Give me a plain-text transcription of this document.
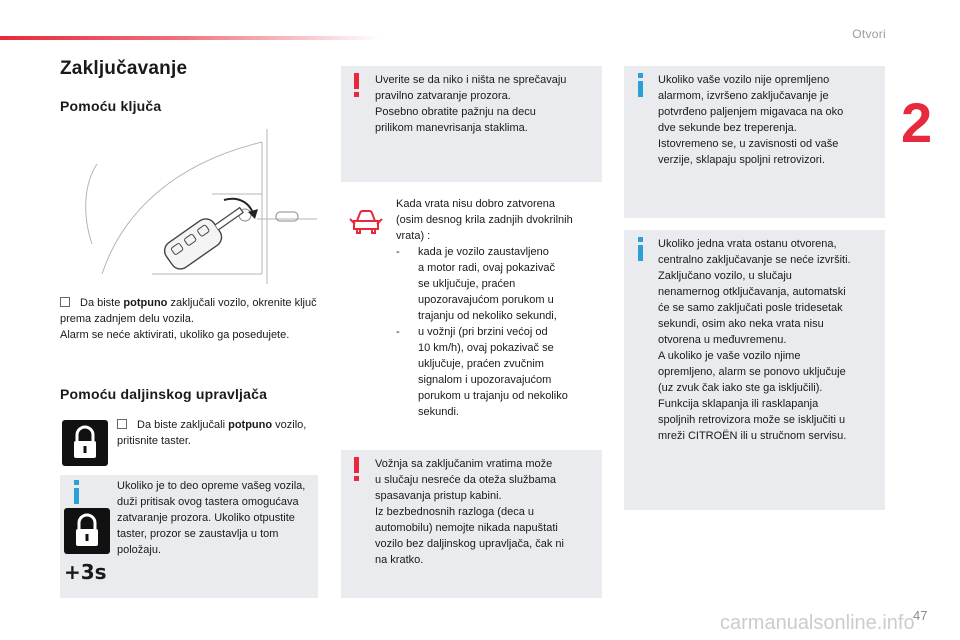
Otvori
2
Zaključavanje
Pomoću ključa
Da biste potpuno zaključali vozilo, okrenite ključ prema zadnjem delu vozila.
Alarm se neće aktivirati, ukoliko ga posedujete.
Pomoću daljinskog upravljača
Da biste zaključali potpuno vozilo, pritisnite taster.
+3s
Ukoliko je to deo opreme vašeg vozila, duži pritisak ovog tastera omogućava zatvaranje prozora. Ukoliko otpustite taster, prozor se zaustavlja u tom položaju.
Uverite se da niko i ništa ne sprečavaju
pravilno zatvaranje prozora.
Posebno obratite pažnju na decu
prilikom manevrisanja staklima.
Kada vrata nisu dobro zatvorena
(osim desnog krila zadnjih dvokrilnih
vrata) :
- kada je vozilo zaustavljeno
a motor radi, ovaj pokazivač
se uključuje, praćen
upozoravajućom porukom u
trajanju od nekoliko sekundi,
- u vožnji (pri brzini većoj od
10 km/h), ovaj pokazivač se
uključuje, praćen zvučnim
signalom i upozoravajućom
porukom u trajanju od nekoliko
sekundi.
Vožnja sa zaključanim vratima može
u slučaju nesreće da oteža službama
spasavanja pristup kabini.
Iz bezbednosnih razloga (deca u
automobilu) nemojte nikada napuštati
vozilo bez daljinskog upravljača, čak ni
na kratko.
Ukoliko vaše vozilo nije opremljeno
alarmom, izvršeno zaključavanje je
potvrđeno paljenjem migavaca na oko
dve sekunde bez treperenja.
Istovremeno se, u zavisnosti od vaše
verzije, sklapaju spoljni retrovizori.
Ukoliko jedna vrata ostanu otvorena,
centralno zaključavanje se neće izvršiti.
Zaključano vozilo, u slučaju
nenamernog otključavanja, automatski
će se samo zaključati posle tridesetak
sekundi, osim ako neka vrata nisu
otvorena u međuvremenu.
A ukoliko je vaše vozilo njime
opremljeno, alarm se ponovo uključuje
(uz zvuk čak iako ste ga isključili).
Funkcija sklapanja ili rasklapanja
spoljnih retrovizora može se isključiti u
mreži CITROËN ili u stručnom servisu.
carmanualsonline.info
47
